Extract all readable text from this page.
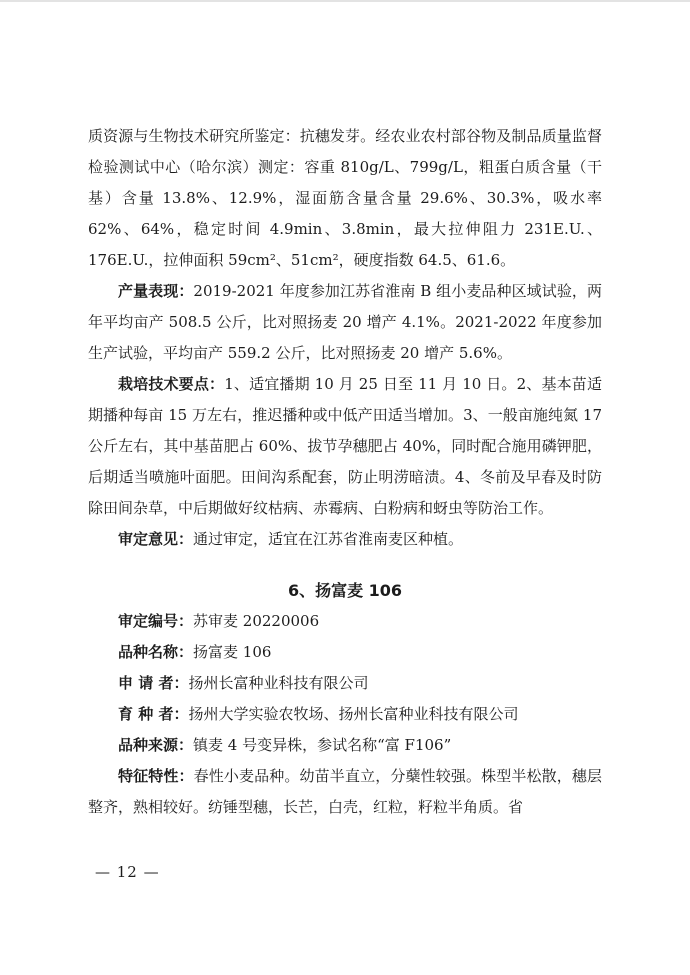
质资源与生物技术研究所鉴定：抗穗发芽。经农业农村部谷物及制品质量监督检验测试中心（哈尔滨）测定：容重 810g/L、799g/L，粗蛋白质含量（干基）含量 13.8%、12.9%，湿面筋含量含量 29.6%、30.3%，吸水率 62%、64%，稳定时间 4.9min、3.8min，最大拉伸阻力 231E.U.、176E.U.，拉伸面积 59cm²、51cm²，硬度指数 64.5、61.6。

产量表现：2019-2021 年度参加江苏省淮南 B 组小麦品种区域试验，两年平均亩产 508.5 公斤，比对照扬麦 20 增产 4.1%。2021-2022 年度参加生产试验，平均亩产 559.2 公斤，比对照扬麦 20 增产 5.6%。

栽培技术要点：1、适宜播期 10 月 25 日至 11 月 10 日。2、基本苗适期播种每亩 15 万左右，推迟播种或中低产田适当增加。3、一般亩施纯氮 17 公斤左右，其中基苗肥占 60%、拔节孕穗肥占 40%，同时配合施用磷钾肥，后期适当喷施叶面肥。田间沟系配套，防止明涝暗渍。4、冬前及早春及时防除田间杂草，中后期做好纹枯病、赤霉病、白粉病和蚜虫等防治工作。

审定意见：通过审定，适宜在江苏省淮南麦区种植。

6、扬富麦 106

审定编号：苏审麦 20220006

品种名称：扬富麦 106

申 请 者：扬州长富种业科技有限公司

育 种 者：扬州大学实验农牧场、扬州长富种业科技有限公司

品种来源：镇麦 4 号变异株，参试名称“富 F106”

特征特性：春性小麦品种。幼苗半直立，分蘖性较强。株型半松散，穗层整齐，熟相较好。纺锤型穗，长芒，白壳，红粒，籽粒半角质。省

— 12 —
